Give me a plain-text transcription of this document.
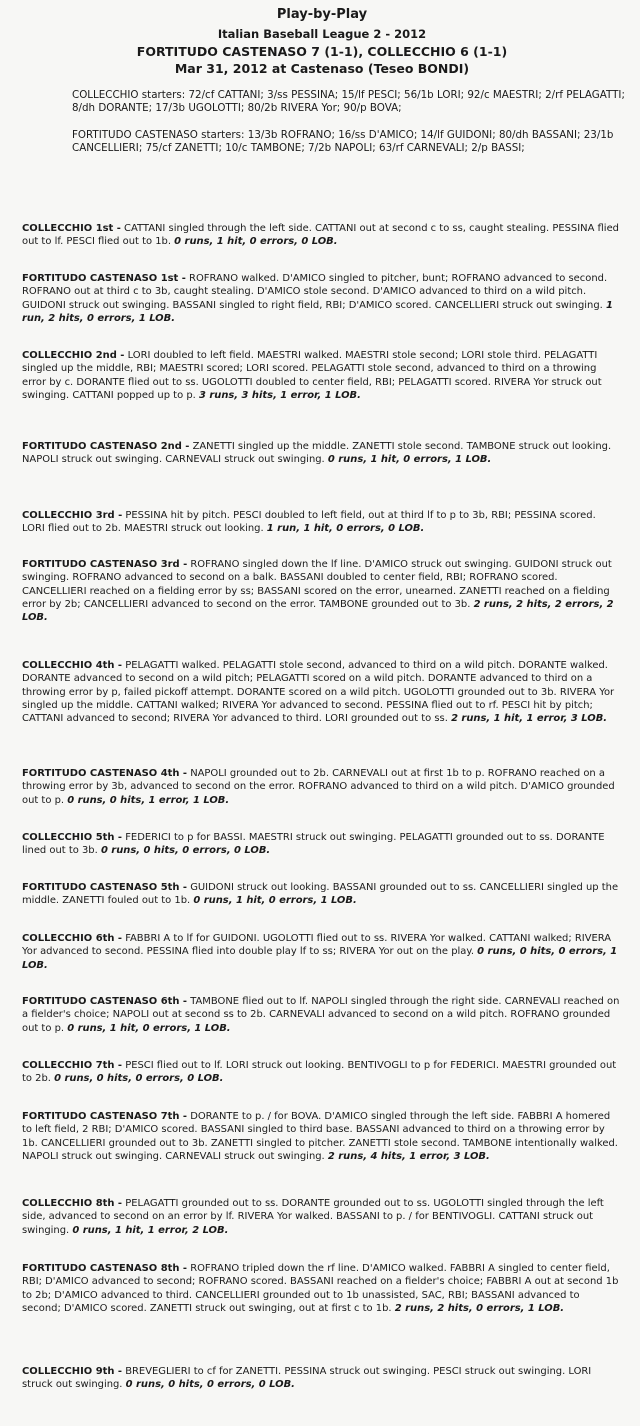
Play-by-Play
Italian Baseball League 2 - 2012
FORTITUDO CASTENASO 7 (1-1), COLLECCHIO 6 (1-1)
Mar 31, 2012 at Castenaso (Teseo BONDI)

COLLECCHIO starters: 72/cf CATTANI; 3/ss PESSINA; 15/lf PESCI; 56/1b LORI; 92/c MAESTRI; 2/rf PELAGATTI; 8/dh DORANTE; 17/3b UGOLOTTI; 80/2b RIVERA Yor; 90/p BOVA;

FORTITUDO CASTENASO starters: 13/3b ROFRANO; 16/ss D'AMICO; 14/lf GUIDONI; 80/dh BASSANI; 23/1b CANCELLIERI; 75/cf ZANETTI; 10/c TAMBONE; 7/2b NAPOLI; 63/rf CARNEVALI; 2/p BASSI;

COLLECCHIO 1st - CATTANI singled through the left side. CATTANI out at second c to ss, caught stealing. PESSINA flied out to lf. PESCI flied out to 1b. 0 runs, 1 hit, 0 errors, 0 LOB.

FORTITUDO CASTENASO 1st - ROFRANO walked. D'AMICO singled to pitcher, bunt; ROFRANO advanced to second. ROFRANO out at third c to 3b, caught stealing. D'AMICO stole second. D'AMICO advanced to third on a wild pitch. GUIDONI struck out swinging. BASSANI singled to right field, RBI; D'AMICO scored. CANCELLIERI struck out swinging. 1 run, 2 hits, 0 errors, 1 LOB.

COLLECCHIO 2nd - LORI doubled to left field. MAESTRI walked. MAESTRI stole second; LORI stole third. PELAGATTI singled up the middle, RBI; MAESTRI scored; LORI scored. PELAGATTI stole second, advanced to third on a throwing error by c. DORANTE flied out to ss. UGOLOTTI doubled to center field, RBI; PELAGATTI scored. RIVERA Yor struck out swinging. CATTANI popped up to p. 3 runs, 3 hits, 1 error, 1 LOB.

FORTITUDO CASTENASO 2nd - ZANETTI singled up the middle. ZANETTI stole second. TAMBONE struck out looking. NAPOLI struck out swinging. CARNEVALI struck out swinging. 0 runs, 1 hit, 0 errors, 1 LOB.

COLLECCHIO 3rd - PESSINA hit by pitch. PESCI doubled to left field, out at third lf to p to 3b, RBI; PESSINA scored. LORI flied out to 2b. MAESTRI struck out looking. 1 run, 1 hit, 0 errors, 0 LOB.

FORTITUDO CASTENASO 3rd - ROFRANO singled down the lf line. D'AMICO struck out swinging. GUIDONI struck out swinging. ROFRANO advanced to second on a balk. BASSANI doubled to center field, RBI; ROFRANO scored. CANCELLIERI reached on a fielding error by ss; BASSANI scored on the error, unearned. ZANETTI reached on a fielding error by 2b; CANCELLIERI advanced to second on the error. TAMBONE grounded out to 3b. 2 runs, 2 hits, 2 errors, 2 LOB.

COLLECCHIO 4th - PELAGATTI walked. PELAGATTI stole second, advanced to third on a wild pitch. DORANTE walked. DORANTE advanced to second on a wild pitch; PELAGATTI scored on a wild pitch. DORANTE advanced to third on a throwing error by p, failed pickoff attempt. DORANTE scored on a wild pitch. UGOLOTTI grounded out to 3b. RIVERA Yor singled up the middle. CATTANI walked; RIVERA Yor advanced to second. PESSINA flied out to rf. PESCI hit by pitch; CATTANI advanced to second; RIVERA Yor advanced to third. LORI grounded out to ss. 2 runs, 1 hit, 1 error, 3 LOB.

FORTITUDO CASTENASO 4th - NAPOLI grounded out to 2b. CARNEVALI out at first 1b to p. ROFRANO reached on a throwing error by 3b, advanced to second on the error. ROFRANO advanced to third on a wild pitch. D'AMICO grounded out to p. 0 runs, 0 hits, 1 error, 1 LOB.

COLLECCHIO 5th - FEDERICI to p for BASSI. MAESTRI struck out swinging. PELAGATTI grounded out to ss. DORANTE lined out to 3b. 0 runs, 0 hits, 0 errors, 0 LOB.

FORTITUDO CASTENASO 5th - GUIDONI struck out looking. BASSANI grounded out to ss. CANCELLIERI singled up the middle. ZANETTI fouled out to 1b. 0 runs, 1 hit, 0 errors, 1 LOB.

COLLECCHIO 6th - FABBRI A to lf for GUIDONI. UGOLOTTI flied out to ss. RIVERA Yor walked. CATTANI walked; RIVERA Yor advanced to second. PESSINA flied into double play lf to ss; RIVERA Yor out on the play. 0 runs, 0 hits, 0 errors, 1 LOB.

FORTITUDO CASTENASO 6th - TAMBONE flied out to lf. NAPOLI singled through the right side. CARNEVALI reached on a fielder's choice; NAPOLI out at second ss to 2b. CARNEVALI advanced to second on a wild pitch. ROFRANO grounded out to p. 0 runs, 1 hit, 0 errors, 1 LOB.

COLLECCHIO 7th - PESCI flied out to lf. LORI struck out looking. BENTIVOGLI to p for FEDERICI. MAESTRI grounded out to 2b. 0 runs, 0 hits, 0 errors, 0 LOB.

FORTITUDO CASTENASO 7th - DORANTE to p. / for BOVA. D'AMICO singled through the left side. FABBRI A homered to left field, 2 RBI; D'AMICO scored. BASSANI singled to third base. BASSANI advanced to third on a throwing error by 1b. CANCELLIERI grounded out to 3b. ZANETTI singled to pitcher. ZANETTI stole second. TAMBONE intentionally walked. NAPOLI struck out swinging. CARNEVALI struck out swinging. 2 runs, 4 hits, 1 error, 3 LOB.

COLLECCHIO 8th - PELAGATTI grounded out to ss. DORANTE grounded out to ss. UGOLOTTI singled through the left side, advanced to second on an error by lf. RIVERA Yor walked. BASSANI to p. / for BENTIVOGLI. CATTANI struck out swinging. 0 runs, 1 hit, 1 error, 2 LOB.

FORTITUDO CASTENASO 8th - ROFRANO tripled down the rf line. D'AMICO walked. FABBRI A singled to center field, RBI; D'AMICO advanced to second; ROFRANO scored. BASSANI reached on a fielder's choice; FABBRI A out at second 1b to 2b; D'AMICO advanced to third. CANCELLIERI grounded out to 1b unassisted, SAC, RBI; BASSANI advanced to second; D'AMICO scored. ZANETTI struck out swinging, out at first c to 1b. 2 runs, 2 hits, 0 errors, 1 LOB.

COLLECCHIO 9th - BREVEGLIERI to cf for ZANETTI. PESSINA struck out swinging. PESCI struck out swinging. LORI struck out swinging. 0 runs, 0 hits, 0 errors, 0 LOB.
